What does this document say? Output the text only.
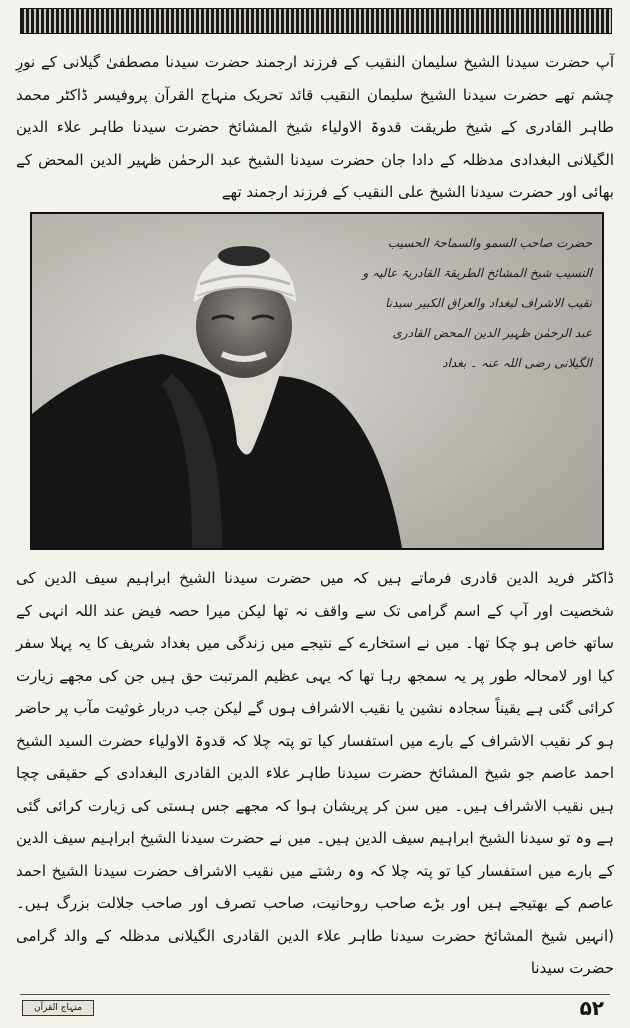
آپ حضرت سیدنا الشیخ سلیمان النقیب کے فرزند ارجمند حضرت سیدنا مصطفیٰ گیلانی کے نورِ چشم تھے حضرت سیدنا الشیخ سلیمان النقیب قائد تحریک منہاج القرآن پروفیسر ڈاکٹر محمد طاہر القادری کے شیخ طریقت قدوۃ الاولیاء شیخ المشائخ حضرت سیدنا طاہر علاء الدین الگیلانی البغدادی مدظلہ کے دادا جان حضرت سیدنا الشیخ عبد الرحمٰن ظہیر الدین المحض کے بھائی اور حضرت سیدنا الشیخ علی النقیب کے فرزند ارجمند تھے

حضرت صاحب السمو والسماحۃ الحسیب
النسیب شیخ المشائخ الطریقۃ القادریۃ عالیہ و
نقیب الاشراف لبغداد والعراق الکبیر سیدنا
عبد الرحمٰن ظہیر الدین المحض القادری
الگیلانی رضی اللہ عنہ ۔ بغداد

ڈاکٹر فرید الدین قادری فرماتے ہیں کہ میں حضرت سیدنا الشیخ ابراہیم سیف الدین کی شخصیت اور آپ کے اسم گرامی تک سے واقف نہ تھا لیکن میرا حصہ فیض عند اللہ انہی کے ساتھ خاص ہو چکا تھا۔ میں نے استخارے کے نتیجے میں زندگی میں بغداد شریف کا یہ پہلا سفر کیا اور لامحالہ طور پر یہ سمجھ رہا تھا کہ یہی عظیم المرتبت حق ہیں جن کی مجھے زیارت کرائی گئی ہے یقیناً سجادہ نشین یا نقیب الاشراف ہوں گے لیکن جب دربار غوثیت مآب پر حاضر ہو کر نقیب الاشراف کے بارے میں استفسار کیا تو پتہ چلا کہ قدوۃ الاولیاء حضرت السید الشیخ احمد عاصم جو شیخ المشائخ حضرت سیدنا طاہر علاء الدین القادری البغدادی کے حقیقی چچا ہیں نقیب الاشراف ہیں۔ میں سن کر پریشان ہوا کہ مجھے جس ہستی کی زیارت کرائی گئی ہے وہ تو سیدنا الشیخ ابراہیم سیف الدین ہیں۔ میں نے حضرت سیدنا الشیخ ابراہیم سیف الدین کے بارے میں استفسار کیا تو پتہ چلا کہ وہ رشتے میں نقیب الاشراف حضرت سیدنا الشیخ احمد عاصم کے بھتیجے ہیں اور بڑے صاحب روحانیت، صاحب تصرف اور صاحب جلالت بزرگ ہیں۔ (انہیں شیخ المشائخ حضرت سیدنا طاہر علاء الدین القادری الگیلانی مدظلہ کے والد گرامی حضرت سیدنا

منہاج القرآن	۵۲
